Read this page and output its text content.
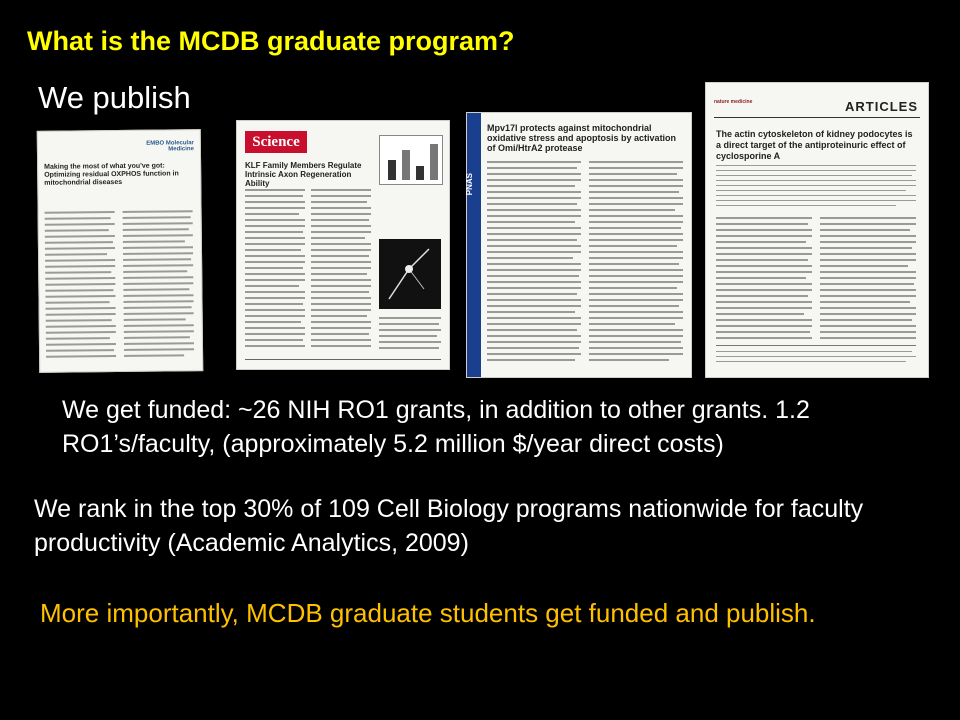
What is the MCDB graduate program?
We publish
EMBO Molecular Medicine
Making the most of what you've got: Optimizing residual OXPHOS function in mitochondrial diseases
Science
KLF Family Members Regulate Intrinsic Axon Regeneration Ability	PNAS
Mpv17l protects against mitochondrial oxidative stress and apoptosis by activation of Omi/HtrA2 protease
nature medicine	ARTICLES
The actin cytoskeleton of kidney podocytes is a direct target of the antiproteinuric effect of cyclosporine A
We get funded: ~26 NIH RO1 grants, in addition to other grants. 1.2 RO1’s/faculty, (approximately 5.2 million $/year direct costs)
We rank in the top 30% of 109 Cell Biology programs nationwide for faculty productivity (Academic Analytics, 2009)
More importantly, MCDB graduate students get funded and publish.
